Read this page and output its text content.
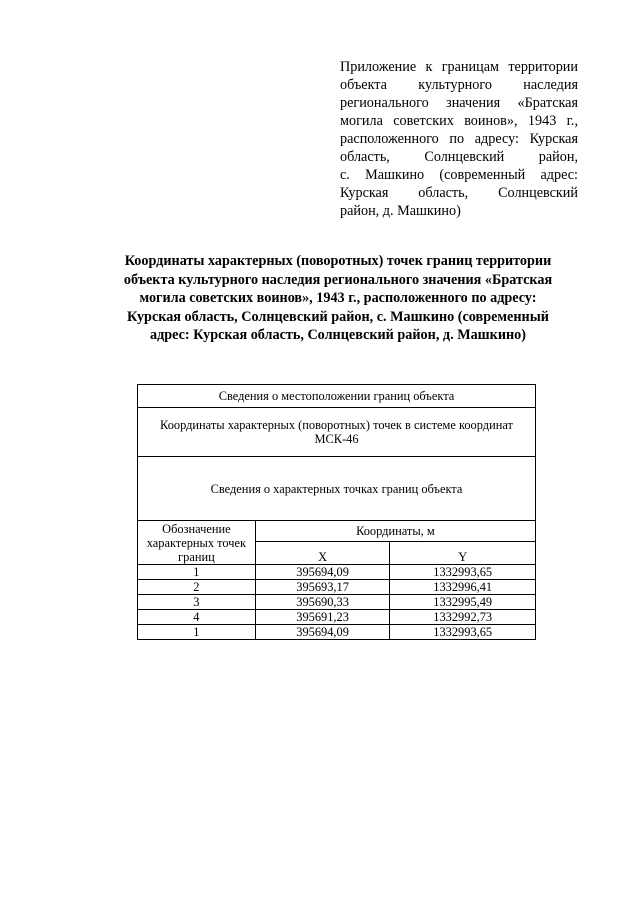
Приложение к границам территории
объекта культурного наследия
регионального значения «Братская
могила советских воинов», 1943 г.,
расположенного по адресу: Курская
область, Солнцевский район,
с. Машкино (современный адрес:
Курская область, Солнцевский
район, д. Машкино)
Координаты характерных (поворотных) точек границ территории
объекта культурного наследия регионального значения «Братская
могила советских воинов», 1943 г., расположенного по адресу:
Курская область, Солнцевский район, с. Машкино (современный
адрес: Курская область, Солнцевский район, д. Машкино)
Сведения о местоположении границ объекта		
Координаты характерных (поворотных) точек в системе координат МСК-46		
Сведения о характерных точках границ объекта		
Обозначение характерных точек границ	Координаты, м	
	X	Y
1	395694,09	1332993,65
2	395693,17	1332996,41
3	395690,33	1332995,49
4	395691,23	1332992,73
1	395694,09	1332993,65
